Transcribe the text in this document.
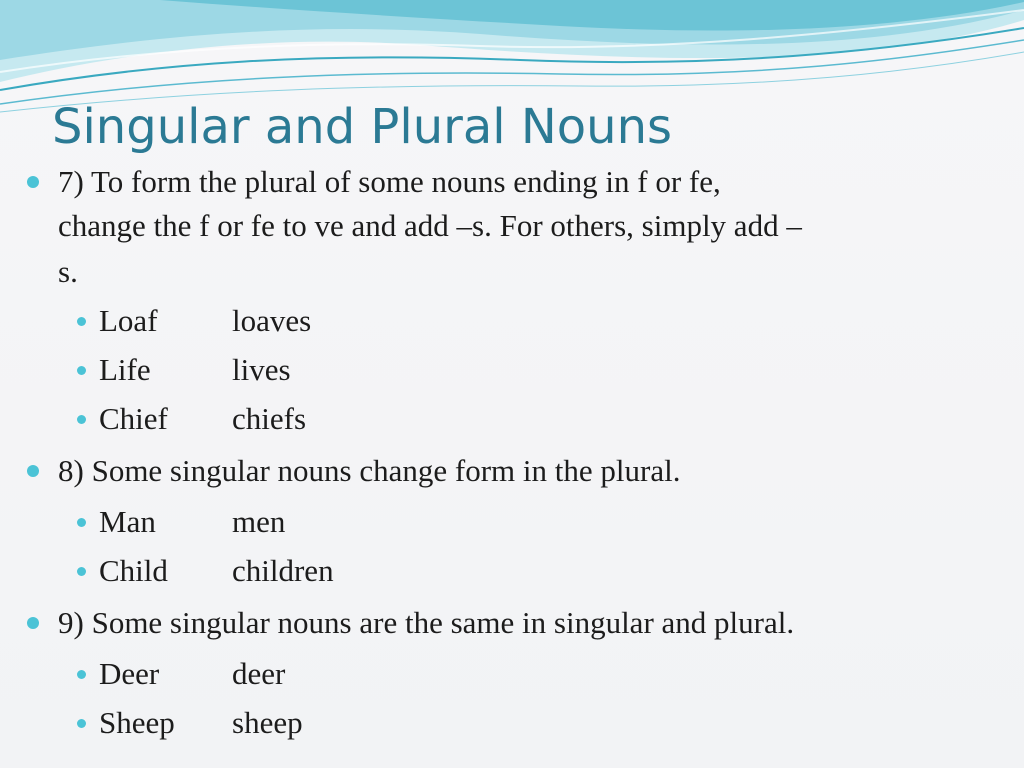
Singular and Plural Nouns
7) To form the plural of some nouns ending in f or fe,
change the f or fe to ve and add –s. For others, simply add –
s.
Loaf loaves
Life	lives
Chief chiefs
8) Some singular nouns change form in the plural.
Man men
Child children
9) Some singular nouns are the same in singular and plural.
Deer deer
Sheep sheep
